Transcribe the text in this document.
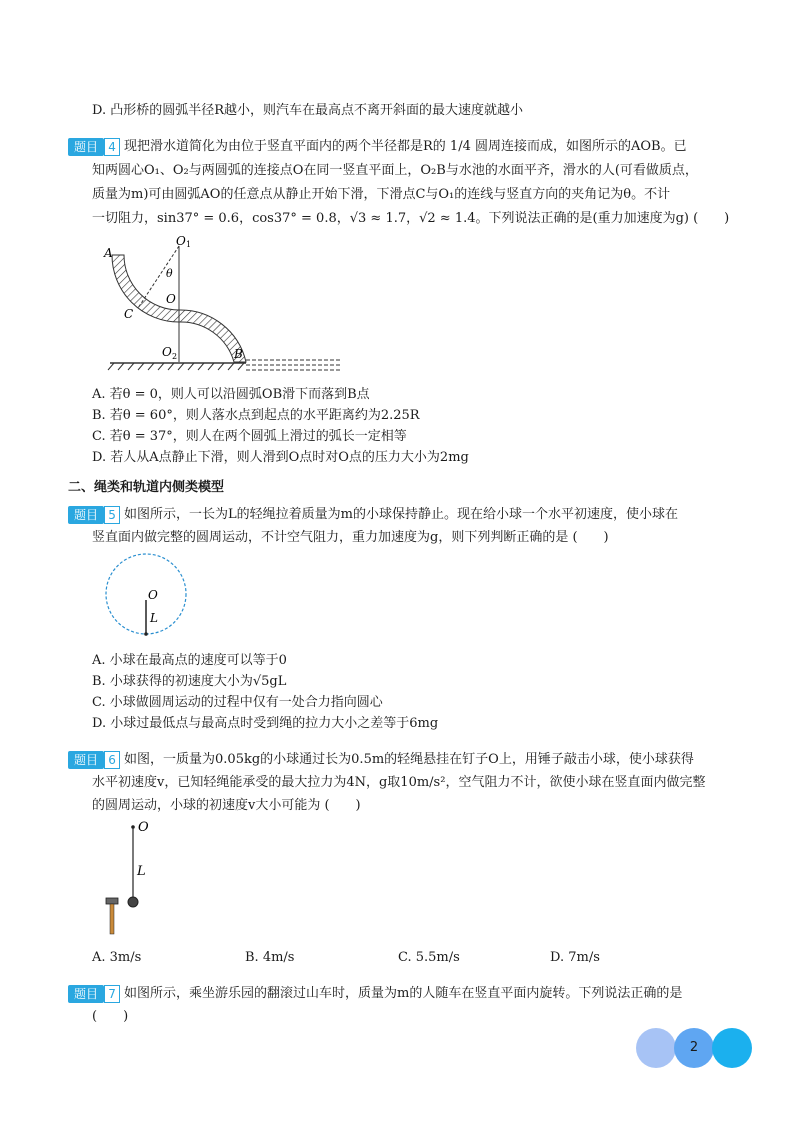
D. 凸形桥的圆弧半径R越小，则汽车在最高点不离开斜面的最大速度就越小
题目 4 现把滑水道简化为由位于竖直平面内的两个半径都是R的 1/4 圆周连接而成，如图所示的AOB。已
知两圆心O₁、O₂与两圆弧的连接点O在同一竖直平面上，O₂B与水池的水面平齐，滑水的人(可看做质点，
质量为m)可由圆弧AO的任意点从静止开始下滑，下滑点C与O₁的连线与竖直方向的夹角记为θ。不计
一切阻力，sin37° = 0.6，cos37° = 0.8，√3 ≈ 1.7，√2 ≈ 1.4。下列说法正确的是(重力加速度为g) (　　)
A
O 1
θ
O
C
O 2	B
A. 若θ = 0，则人可以沿圆弧OB滑下而落到B点
B. 若θ = 60°，则人落水点到起点的水平距离约为2.25R
C. 若θ = 37°，则人在两个圆弧上滑过的弧长一定相等
D. 若人从A点静止下滑，则人滑到O点时对O点的压力大小为2mg
二、绳类和轨道内侧类模型
题目 5 如图所示，一长为L的轻绳拉着质量为m的小球保持静止。现在给小球一个水平初速度，使小球在
竖直面内做完整的圆周运动，不计空气阻力，重力加速度为g，则下列判断正确的是 (　　)
O
L
A. 小球在最高点的速度可以等于0
B. 小球获得的初速度大小为√5gL
C. 小球做圆周运动的过程中仅有一处合力指向圆心
D. 小球过最低点与最高点时受到绳的拉力大小之差等于6mg
题目 6 如图，一质量为0.05kg的小球通过长为0.5m的轻绳悬挂在钉子O上，用锤子敲击小球，使小球获得
水平初速度v，已知轻绳能承受的最大拉力为4N，g取10m/s²，空气阻力不计，欲使小球在竖直面内做完整
的圆周运动，小球的初速度v大小可能为 (　　)
O
L
A. 3m/s	B. 4m/s	C. 5.5m/s	D. 7m/s
题目 7 如图所示，乘坐游乐园的翻滚过山车时，质量为m的人随车在竖直平面内旋转。下列说法正确的是
(　　)
2
